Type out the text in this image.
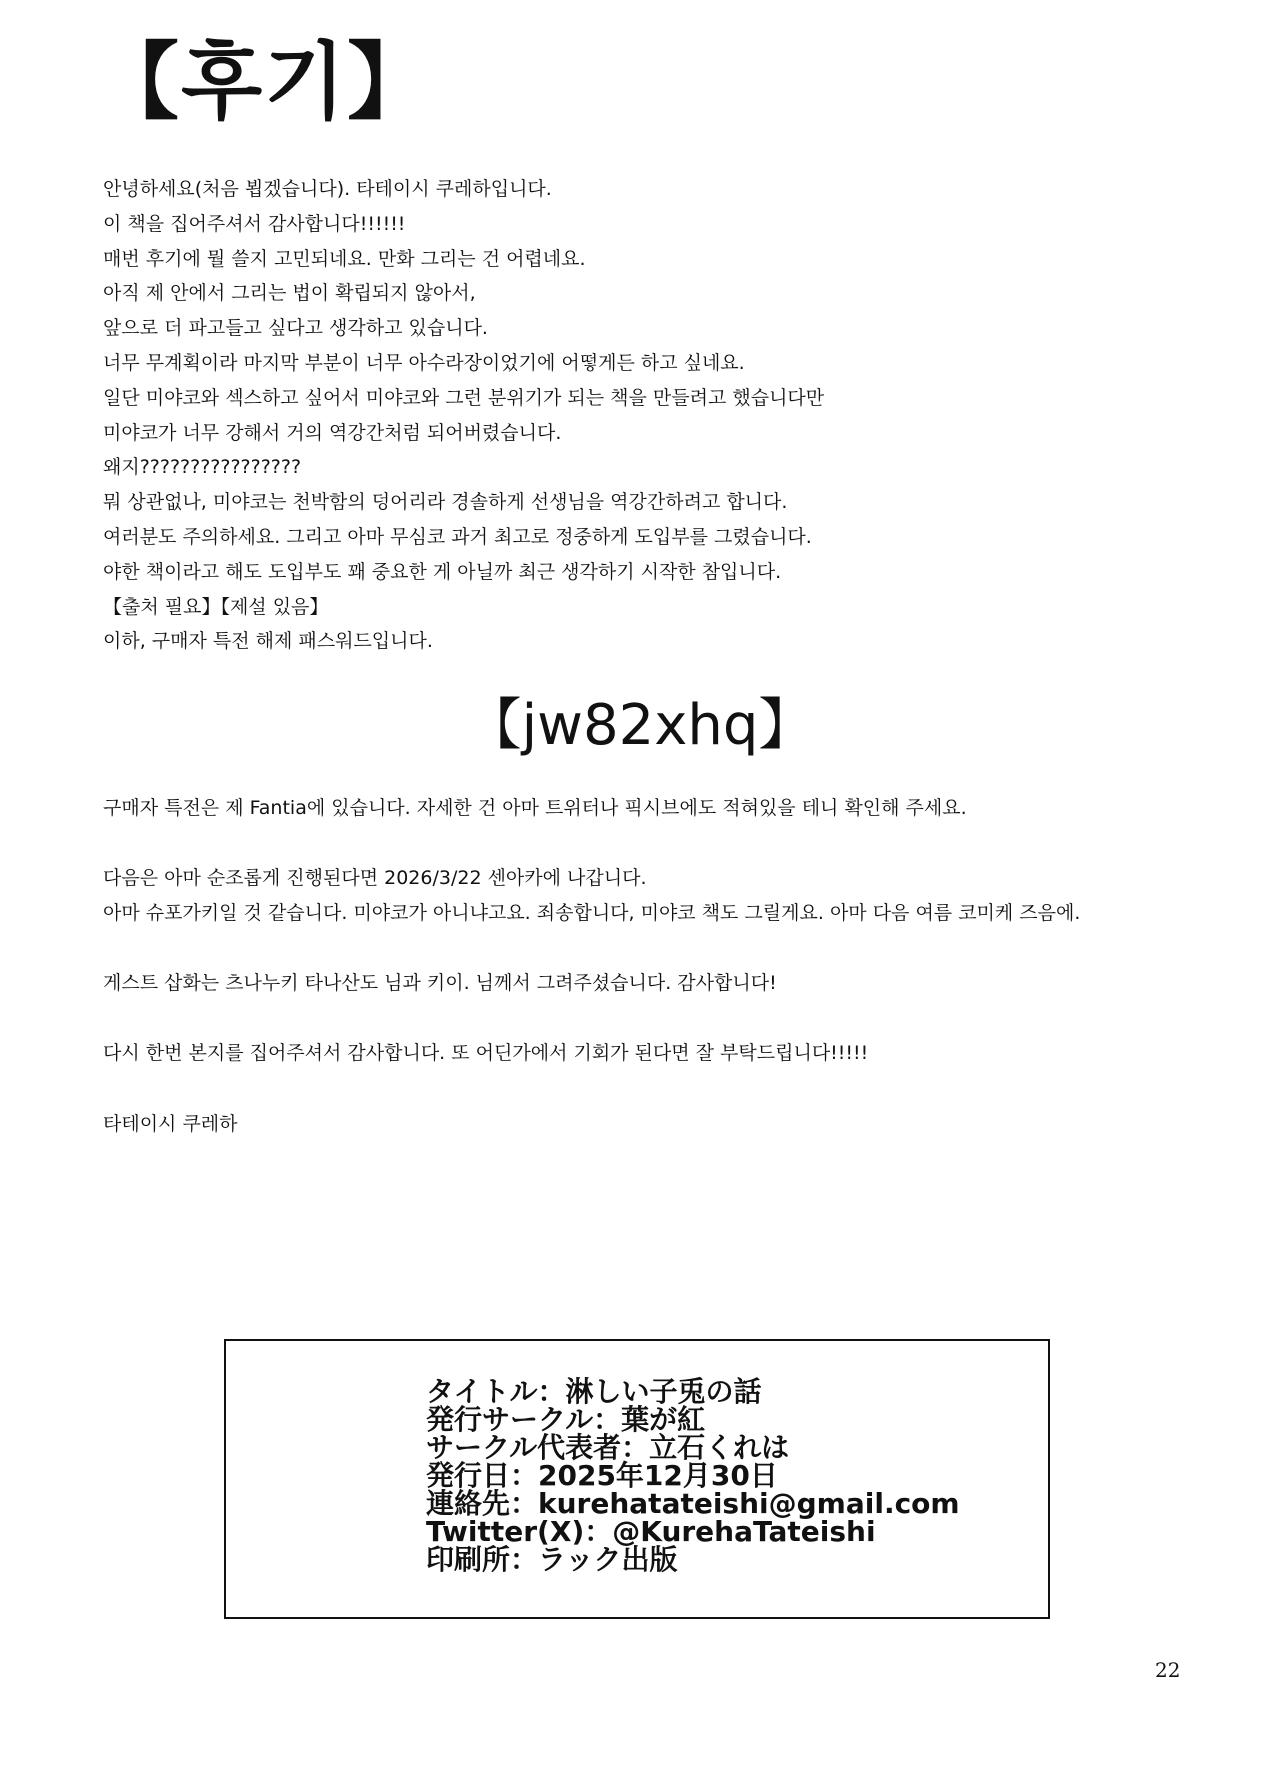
【후기】
안녕하세요(처음 뵙겠습니다). 타테이시 쿠레하입니다.
이 책을 집어주셔서 감사합니다!!!!!!
매번 후기에 뭘 쓸지 고민되네요. 만화 그리는 건 어렵네요.
아직 제 안에서 그리는 법이 확립되지 않아서,
앞으로 더 파고들고 싶다고 생각하고 있습니다.
너무 무계획이라 마지막 부분이 너무 아수라장이었기에 어떻게든 하고 싶네요.
일단 미야코와 섹스하고 싶어서 미야코와 그런 분위기가 되는 책을 만들려고 했습니다만
미야코가 너무 강해서 거의 역강간처럼 되어버렸습니다.
왜지????????????????
뭐 상관없나, 미야코는 천박함의 덩어리라 경솔하게 선생님을 역강간하려고 합니다.
여러분도 주의하세요. 그리고 아마 무심코 과거 최고로 정중하게 도입부를 그렸습니다.
야한 책이라고 해도 도입부도 꽤 중요한 게 아닐까 최근 생각하기 시작한 참입니다.
【출처 필요】【제설 있음】
이하, 구매자 특전 해제 패스워드입니다.
【jw82xhq】
구매자 특전은 제 Fantia에 있습니다. 자세한 건 아마 트위터나 픽시브에도 적혀있을 테니 확인해 주세요.
다음은 아마 순조롭게 진행된다면 2026/3/22 센아카에 나갑니다.
아마 슈포가키일 것 같습니다. 미야코가 아니냐고요. 죄송합니다, 미야코 책도 그릴게요. 아마 다음 여름 코미케 즈음에.
게스트 삽화는 츠나누키 타나산도 님과 키이. 님께서 그려주셨습니다. 감사합니다!
다시 한번 본지를 집어주셔서 감사합니다. 또 어딘가에서 기회가 된다면 잘 부탁드립니다!!!!!
타테이시 쿠레하
タイトル：淋しい子兎の話
発行サークル：葉が紅
サークル代表者：立石くれは
発行日：2025年12月30日
連絡先：kurehatateishi@gmail.com
Twitter(X)：@KurehaTateishi
印刷所：ラック出版
22
